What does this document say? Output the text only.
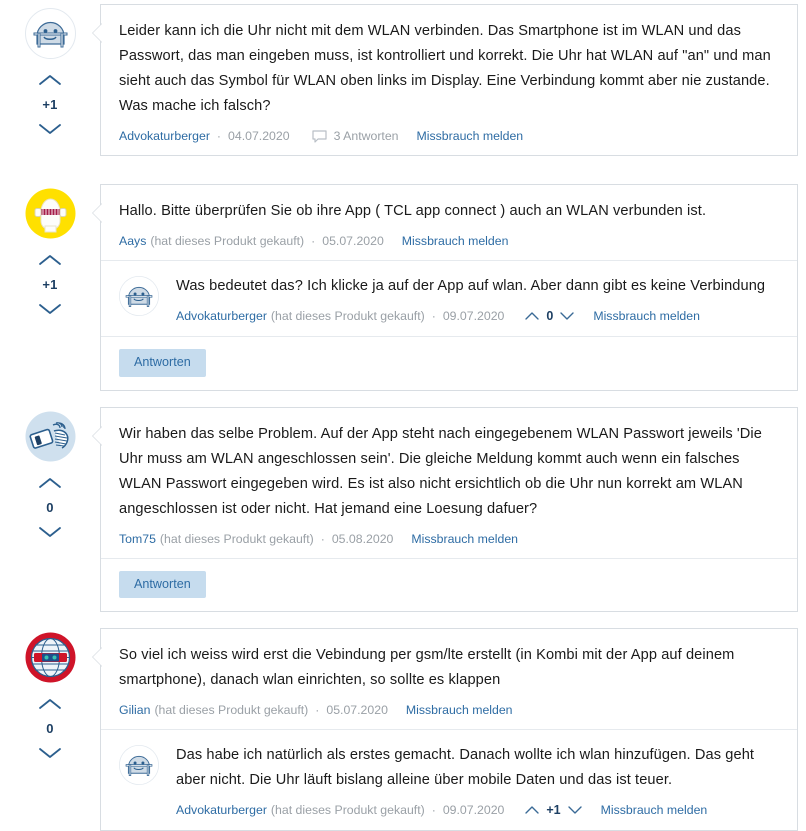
+1
Leider kann ich die Uhr nicht mit dem WLAN verbinden. Das Smartphone ist im WLAN und das Passwort, das man eingeben muss, ist kontrolliert und korrekt. Die Uhr hat WLAN auf "an" und man sieht auch das Symbol für WLAN oben links im Display. Eine Verbindung kommt aber nie zustande. Was mache ich falsch?
Advokaturberger · 04.07.2020	3 Antworten Missbrauch melden
+1
Hallo. Bitte überprüfen Sie ob ihre App ( TCL app connect ) auch an WLAN verbunden ist.
Aays (hat dieses Produkt gekauft) · 05.07.2020 Missbrauch melden
Was bedeutet das? Ich klicke ja auf der App auf wlan. Aber dann gibt es keine Verbindung
Advokaturberger (hat dieses Produkt gekauft) · 09.07.2020	0	Missbrauch melden
Antworten
0
Wir haben das selbe Problem. Auf der App steht nach eingegebenem WLAN Passwort jeweils 'Die Uhr muss am WLAN angeschlossen sein'. Die gleiche Meldung kommt auch wenn ein falsches WLAN Passwort eingegeben wird. Es ist also nicht ersichtlich ob die Uhr nun korrekt am WLAN angeschlossen ist oder nicht. Hat jemand eine Loesung dafuer?
Tom75 (hat dieses Produkt gekauft) · 05.08.2020 Missbrauch melden
Antworten
0
So viel ich weiss wird erst die Vebindung per gsm/lte erstellt (in Kombi mit der App auf deinem smartphone), danach wlan einrichten, so sollte es klappen
Gilian (hat dieses Produkt gekauft) · 05.07.2020 Missbrauch melden
Das habe ich natürlich als erstes gemacht. Danach wollte ich wlan hinzufügen. Das geht aber nicht. Die Uhr läuft bislang alleine über mobile Daten und das ist teuer.
Advokaturberger (hat dieses Produkt gekauft) · 09.07.2020	+1	Missbrauch melden
